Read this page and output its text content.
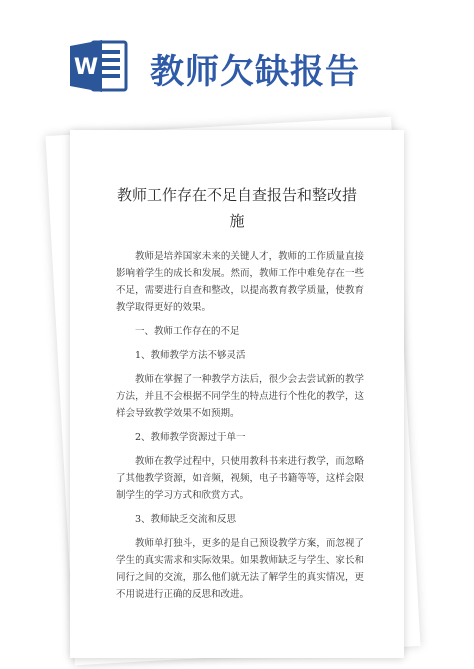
W 教师欠缺报告
教师工作存在不足自查报告和整改措施

教师是培养国家未来的关键人才，教师的工作质量直接影响着学生的成长和发展。然而，教师工作中难免存在一些不足，需要进行自查和整改，以提高教育教学质量，使教育教学取得更好的效果。

一、教师工作存在的不足

1、教师教学方法不够灵活

教师在掌握了一种教学方法后，很少会去尝试新的教学方法，并且不会根据不同学生的特点进行个性化的教学，这样会导致教学效果不如预期。

2、教师教学资源过于单一

教师在教学过程中，只使用教科书来进行教学，而忽略了其他教学资源，如音频，视频，电子书籍等等，这样会限制学生的学习方式和欣赏方式。

3、教师缺乏交流和反思

教师单打独斗，更多的是自己预设教学方案，而忽视了学生的真实需求和实际效果。如果教师缺乏与学生、家长和同行之间的交流，那么他们就无法了解学生的真实情况，更不用说进行正确的反思和改进。
